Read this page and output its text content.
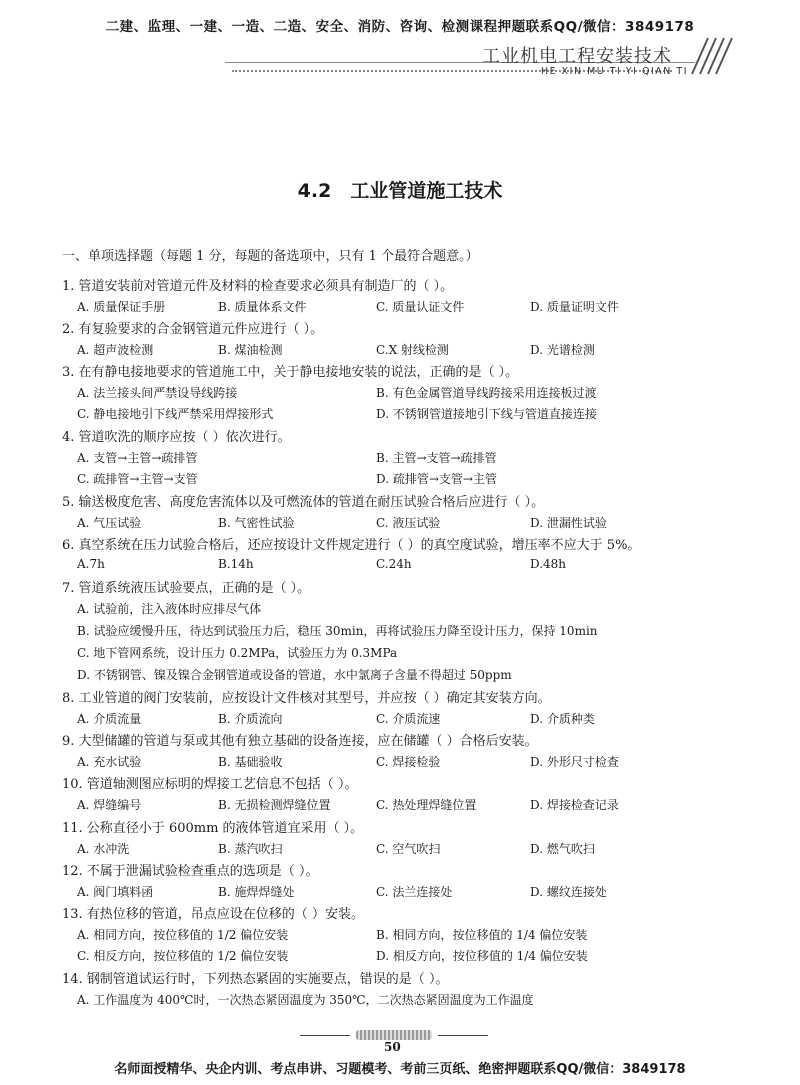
二建、监理、一建、一造、二造、安全、消防、咨询、检测课程押题联系QQ/微信：3849178
工业机电工程安装技术
HE XIN MU TI YI QIAN TI
4.2　工业管道施工技术
一、单项选择题（每题 1 分，每题的备选项中，只有 1 个最符合题意。）
1. 管道安装前对管道元件及材料的检查要求必须具有制造厂的（ ）。
A. 质量保证手册	B. 质量体系文件	C. 质量认证文件	D. 质量证明文件
2. 有复验要求的合金钢管道元件应进行（ ）。
A. 超声波检测	B. 煤油检测	C.X 射线检测	D. 光谱检测
3. 在有静电接地要求的管道施工中，关于静电接地安装的说法，正确的是（ ）。
A. 法兰接头间严禁设导线跨接	B. 有色金属管道导线跨接采用连接板过渡
C. 静电接地引下线严禁采用焊接形式	D. 不锈钢管道接地引下线与管道直接连接
4. 管道吹洗的顺序应按（ ）依次进行。
A. 支管→主管→疏排管	B. 主管→支管→疏排管
C. 疏排管→主管→支管	D. 疏排管→支管→主管
5. 输送极度危害、高度危害流体以及可燃流体的管道在耐压试验合格后应进行（ ）。
A. 气压试验	B. 气密性试验	C. 液压试验	D. 泄漏性试验
6. 真空系统在压力试验合格后，还应按设计文件规定进行（ ）的真空度试验，增压率不应大于 5%。
A.7h	B.14h	C.24h	D.48h
7. 管道系统液压试验要点，正确的是（ ）。
A. 试验前，注入液体时应排尽气体
B. 试验应缓慢升压，待达到试验压力后，稳压 30min，再将试验压力降至设计压力，保持 10min
C. 地下管网系统，设计压力 0.2MPa，试验压力为 0.3MPa
D. 不锈钢管、镍及镍合金钢管道或设备的管道，水中氯离子含量不得超过 50ppm
8. 工业管道的阀门安装前，应按设计文件核对其型号，并应按（ ）确定其安装方向。
A. 介质流量	B. 介质流向	C. 介质流速	D. 介质种类
9. 大型储罐的管道与泵或其他有独立基础的设备连接，应在储罐（ ）合格后安装。
A. 充水试验	B. 基础验收	C. 焊接检验	D. 外形尺寸检查
10. 管道轴测图应标明的焊接工艺信息不包括（ ）。
A. 焊缝编号	B. 无损检测焊缝位置	C. 热处理焊缝位置	D. 焊接检查记录
11. 公称直径小于 600mm 的液体管道宜采用（ ）。
A. 水冲洗	B. 蒸汽吹扫	C. 空气吹扫	D. 燃气吹扫
12. 不属于泄漏试验检查重点的选项是（ ）。
A. 阀门填料函	B. 施焊焊缝处	C. 法兰连接处	D. 螺纹连接处
13. 有热位移的管道，吊点应设在位移的（ ）安装。
A. 相同方向，按位移值的 1/2 偏位安装	B. 相同方向，按位移值的 1/4 偏位安装
C. 相反方向，按位移值的 1/2 偏位安装	D. 相反方向，按位移值的 1/4 偏位安装
14. 钢制管道试运行时，下列热态紧固的实施要点，错误的是（ ）。
A. 工作温度为 400℃时，一次热态紧固温度为 350℃，二次热态紧固温度为工作温度
50
名师面授精华、央企内训、考点串讲、习题模考、考前三页纸、绝密押题联系QQ/微信：3849178
